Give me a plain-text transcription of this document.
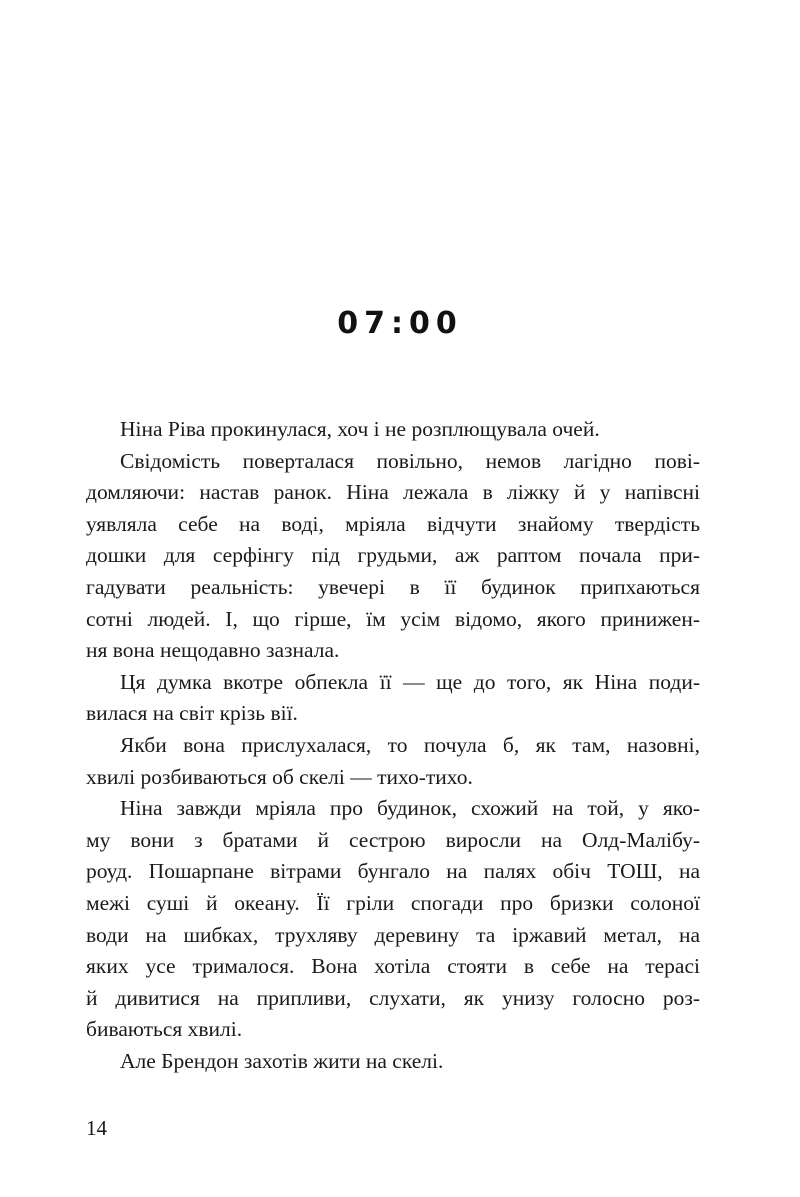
07:00
Ніна Ріва прокинулася, хоч і не розплющувала очей.
Свідомість поверталася повільно, немов лагідно пові-
домляючи: настав ранок. Ніна лежала в ліжку й у напівсні
уявляла себе на воді, мріяла відчути знайому твердість
дошки для серфінгу під грудьми, аж раптом почала при-
гадувати реальність: увечері в її будинок припхаються
сотні людей. І, що гірше, їм усім відомо, якого принижен-
ня вона нещодавно зазнала.
Ця думка вкотре обпекла її — ще до того, як Ніна поди-
вилася на світ крізь вії.
Якби вона прислухалася, то почула б, як там, назовні,
хвилі розбиваються об скелі — тихо-тихо.
Ніна завжди мріяла про будинок, схожий на той, у яко-
му вони з братами й сестрою виросли на Олд-Малібу-
роуд. Пошарпане вітрами бунгало на палях обіч ТОШ, на
межі суші й океану. Її гріли спогади про бризки солоної
води на шибках, трухляву деревину та іржавий метал, на
яких усе трималося. Вона хотіла стояти в себе на терасі
й дивитися на припливи, слухати, як унизу голосно роз-
биваються хвилі.
Але Брендон захотів жити на скелі.
14
